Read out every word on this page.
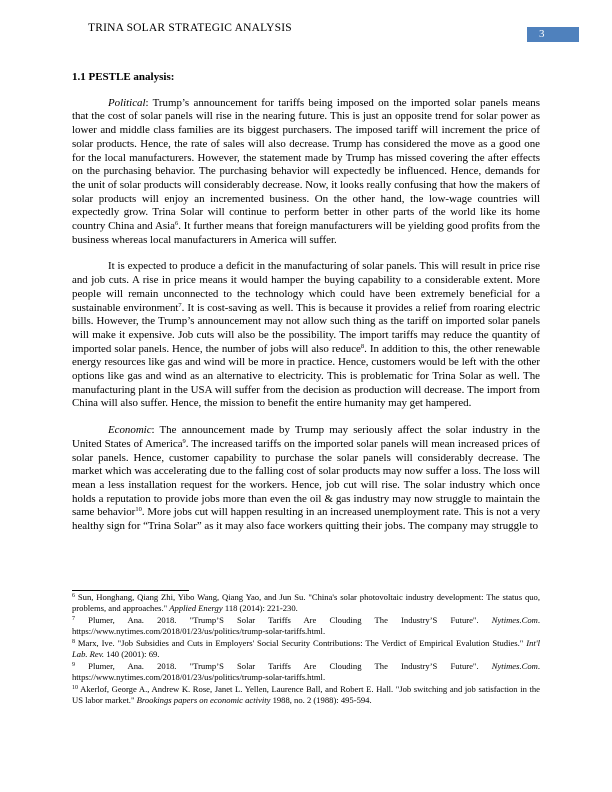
TRINA SOLAR STRATEGIC ANALYSIS	3
1.1 PESTLE analysis:

Political: Trump’s announcement for tariffs being imposed on the imported solar panels means that the cost of solar panels will rise in the nearing future. This is just an opposite trend for solar power as lower and middle class families are its biggest purchasers. The imposed tariff will increment the price of solar products. Hence, the rate of sales will also decrease. Trump has considered the move as a good one for the local manufacturers. However, the statement made by Trump has missed covering the after effects on the purchasing behavior. The purchasing behavior will expectedly be influenced. Hence, demands for the unit of solar products will considerably decrease. Now, it looks really confusing that how the makers of solar products will enjoy an incremented business. On the other hand, the low-wage countries will expectedly grow. Trina Solar will continue to perform better in other parts of the world like its home country China and Asia$^6$. It further means that foreign manufacturers will be yielding good profits from the business whereas local manufacturers in America will suffer.

It is expected to produce a deficit in the manufacturing of solar panels. This will result in price rise and job cuts. A rise in price means it would hamper the buying capability to a considerable extent. More people will remain unconnected to the technology which could have been extremely beneficial for a sustainable environment$^7$. It is cost-saving as well. This is because it provides a relief from roaring electric bills. However, the Trump’s announcement may not allow such thing as the tariff on imported solar panels will make it expensive. Job cuts will also be the possibility. The import tariffs may reduce the quantity of imported solar panels. Hence, the number of jobs will also reduce$^8$. In addition to this, the other renewable energy resources like gas and wind will be more in practice. Hence, customers would be left with the other options like gas and wind as an alternative to electricity. This is problematic for Trina Solar as well. The manufacturing plant in the USA will suffer from the decision as production will decrease. The import from China will also suffer. Hence, the mission to benefit the entire humanity may get hampered.

Economic: The announcement made by Trump may seriously affect the solar industry in the United States of America$^9$. The increased tariffs on the imported solar panels will mean increased prices of solar panels. Hence, customer capability to purchase the solar panels will considerably decrease. The market which was accelerating due to the falling cost of solar products may now suffer a loss. The loss will mean a less installation request for the workers. Hence, job cut will rise. The solar industry which once holds a reputation to provide jobs more than even the oil & gas industry may now struggle to maintain the same behavior$^{10}$. More jobs cut will happen resulting in an increased unemployment rate. This is not a very healthy sign for “Trina Solar” as it may also face workers quitting their jobs. The company may struggle to

$^6$ Sun, Honghang, Qiang Zhi, Yibo Wang, Qiang Yao, and Jun Su. "China's solar photovoltaic industry development: The status quo, problems, and approaches." Applied Energy 118 (2014): 221-230.
$^7$ Plumer, Ana. 2018. "Trump’S Solar Tariffs Are Clouding The Industry’S Future". Nytimes.Com. https://www.nytimes.com/2018/01/23/us/politics/trump-solar-tariffs.html.
$^8$ Marx, Ive. "Job Subsidies and Cuts in Employers' Social Security Contributions: The Verdict of Empirical Evalution Studies." Int'l Lab. Rev. 140 (2001): 69.
$^9$ Plumer, Ana. 2018. "Trump’S Solar Tariffs Are Clouding The Industry’S Future". Nytimes.Com. https://www.nytimes.com/2018/01/23/us/politics/trump-solar-tariffs.html.
$^{10}$ Akerlof, George A., Andrew K. Rose, Janet L. Yellen, Laurence Ball, and Robert E. Hall. "Job switching and job satisfaction in the US labor market." Brookings papers on economic activity 1988, no. 2 (1988): 495-594.
